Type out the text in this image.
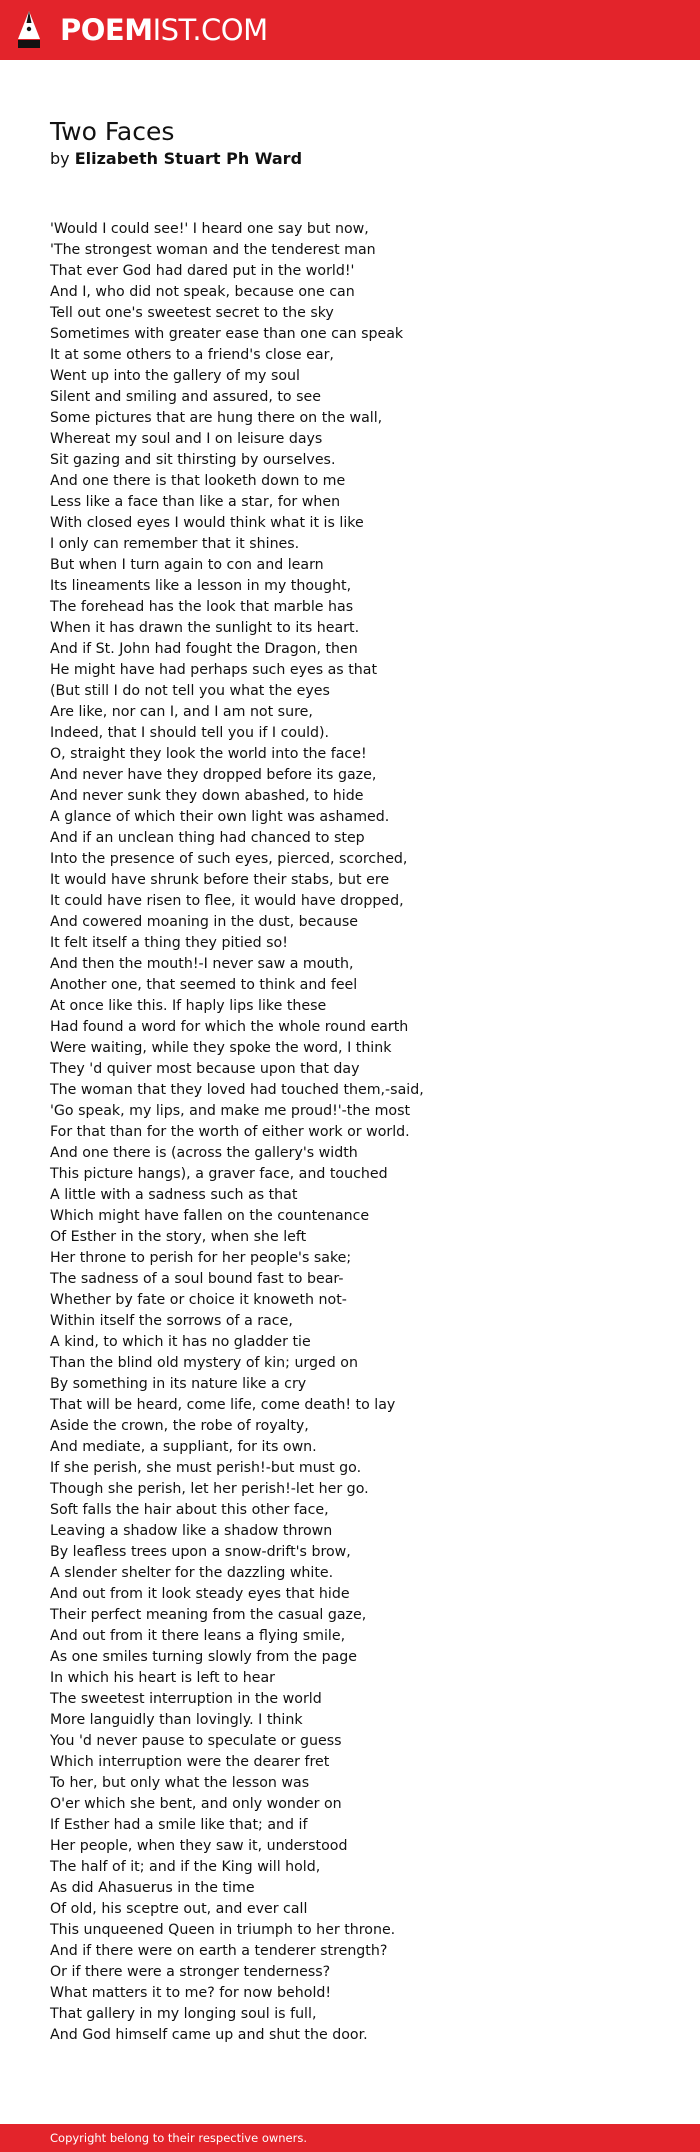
POEMIST.COM
Two Faces
by Elizabeth Stuart Ph Ward
'Would I could see!' I heard one say but now,
'The strongest woman and the tenderest man
That ever God had dared put in the world!'
And I, who did not speak, because one can
Tell out one's sweetest secret to the sky
Sometimes with greater ease than one can speak
It at some others to a friend's close ear,
Went up into the gallery of my soul
Silent and smiling and assured, to see
Some pictures that are hung there on the wall,
Whereat my soul and I on leisure days
Sit gazing and sit thirsting by ourselves.
And one there is that looketh down to me
Less like a face than like a star, for when
With closed eyes I would think what it is like
I only can remember that it shines.
But when I turn again to con and learn
Its lineaments like a lesson in my thought,
The forehead has the look that marble has
When it has drawn the sunlight to its heart.
And if St. John had fought the Dragon, then
He might have had perhaps such eyes as that
(But still I do not tell you what the eyes
Are like, nor can I, and I am not sure,
Indeed, that I should tell you if I could).
O, straight they look the world into the face!
And never have they dropped before its gaze,
And never sunk they down abashed, to hide
A glance of which their own light was ashamed.
And if an unclean thing had chanced to step
Into the presence of such eyes, pierced, scorched,
It would have shrunk before their stabs, but ere
It could have risen to flee, it would have dropped,
And cowered moaning in the dust, because
It felt itself a thing they pitied so!
And then the mouth!-I never saw a mouth,
Another one, that seemed to think and feel
At once like this. If haply lips like these
Had found a word for which the whole round earth
Were waiting, while they spoke the word, I think
They 'd quiver most because upon that day
The woman that they loved had touched them,-said,
'Go speak, my lips, and make me proud!'-the most
For that than for the worth of either work or world.
And one there is (across the gallery's width
This picture hangs), a graver face, and touched
A little with a sadness such as that
Which might have fallen on the countenance
Of Esther in the story, when she left
Her throne to perish for her people's sake;
The sadness of a soul bound fast to bear-
Whether by fate or choice it knoweth not-
Within itself the sorrows of a race,
A kind, to which it has no gladder tie
Than the blind old mystery of kin; urged on
By something in its nature like a cry
That will be heard, come life, come death! to lay
Aside the crown, the robe of royalty,
And mediate, a suppliant, for its own.
If she perish, she must perish!-but must go.
Though she perish, let her perish!-let her go.
Soft falls the hair about this other face,
Leaving a shadow like a shadow thrown
By leafless trees upon a snow-drift's brow,
A slender shelter for the dazzling white.
And out from it look steady eyes that hide
Their perfect meaning from the casual gaze,
And out from it there leans a flying smile,
As one smiles turning slowly from the page
In which his heart is left to hear
The sweetest interruption in the world
More languidly than lovingly. I think
You 'd never pause to speculate or guess
Which interruption were the dearer fret
To her, but only what the lesson was
O'er which she bent, and only wonder on
If Esther had a smile like that; and if
Her people, when they saw it, understood
The half of it; and if the King will hold,
As did Ahasuerus in the time
Of old, his sceptre out, and ever call
This unqueened Queen in triumph to her throne.
And if there were on earth a tenderer strength?
Or if there were a stronger tenderness?
What matters it to me? for now behold!
That gallery in my longing soul is full,
And God himself came up and shut the door.
Copyright belong to their respective owners.
